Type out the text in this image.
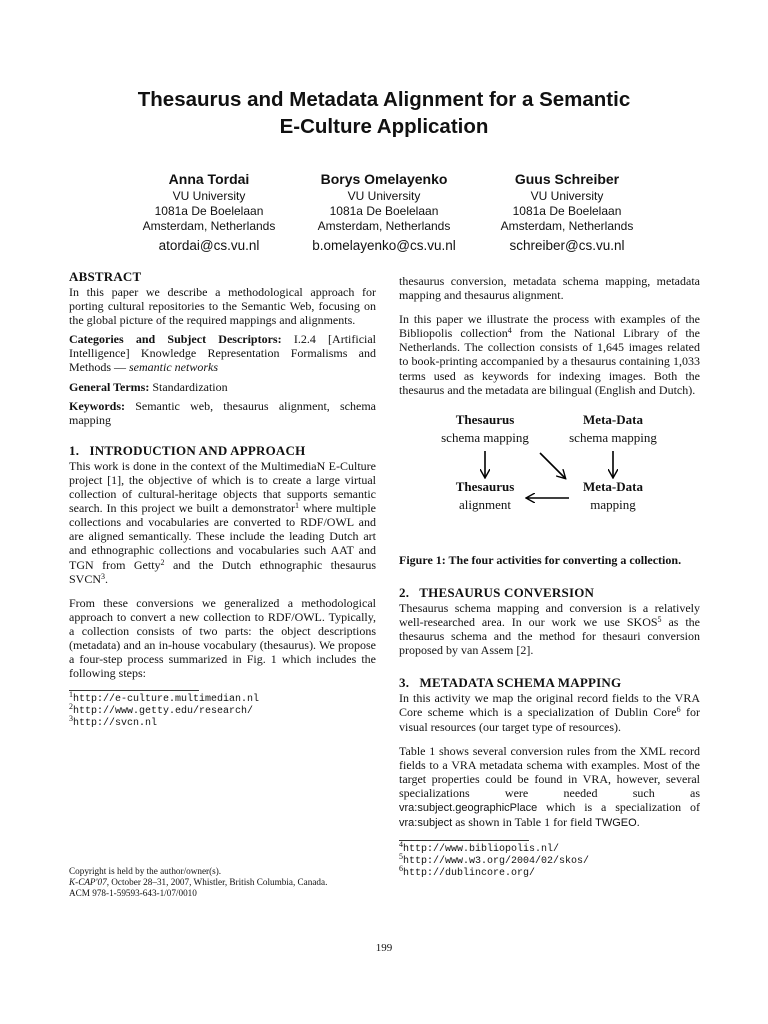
Thesaurus and Metadata Alignment for a Semantic
E-Culture Application
Anna Tordai
VU University
1081a De Boelelaan
Amsterdam, Netherlands
atordai@cs.vu.nl
Borys Omelayenko
VU University
1081a De Boelelaan
Amsterdam, Netherlands
b.omelayenko@cs.vu.nl
Guus Schreiber
VU University
1081a De Boelelaan
Amsterdam, Netherlands
schreiber@cs.vu.nl
ABSTRACT

In this paper we describe a methodological approach for porting cultural repositories to the Semantic Web, focusing on the global picture of the required mappings and alignments.

Categories and Subject Descriptors: I.2.4 [Artificial Intelligence] Knowledge Representation Formalisms and Methods — semantic networks

General Terms: Standardization

Keywords: Semantic web, thesaurus alignment, schema mapping

1.   INTRODUCTION AND APPROACH

This work is done in the context of the MultimediaN E-Culture project [1], the objective of which is to create a large virtual collection of cultural-heritage objects that supports semantic search. In this project we built a demonstrator$^1$ where multiple collections and vocabularies are converted to RDF/OWL and are aligned semantically. These include the leading Dutch art and ethnographic collections and vocabularies such AAT and TGN from Getty$^2$ and the Dutch ethnographic thesaurus SVCN$^3$.

From these conversions we generalized a methodological approach to convert a new collection to RDF/OWL. Typically, a collection consists of two parts: the object descriptions (metadata) and an in-house vocabulary (thesaurus). We propose a four-step process summarized in Fig. 1 which includes the following steps:

$^1$http://e-culture.multimedian.nl
$^2$http://www.getty.edu/research/
$^3$http://svcn.nl
Copyright is held by the author/owner(s).
K-CAP'07, October 28–31, 2007, Whistler, British Columbia, Canada.
ACM 978-1-59593-643-1/07/0010

thesaurus conversion, metadata schema mapping, metadata mapping and thesaurus alignment.

In this paper we illustrate the process with examples of the Bibliopolis collection$^4$ from the National Library of the Netherlands. The collection consists of 1,645 images related to book-printing accompanied by a thesaurus containing 1,033 terms used as keywords for indexing images. Both the thesaurus and the metadata are bilingual (English and Dutch).

Thesaurus
schema mapping
Meta-Data
schema mapping
Thesaurus
alignment
Meta-Data
mapping
Figure 1: The four activities for converting a collection.
2.   THESAURUS CONVERSION

Thesaurus schema mapping and conversion is a relatively well-researched area. In our work we use SKOS$^5$ as the thesaurus schema and the method for thesauri conversion proposed by van Assem [2].

3.   METADATA SCHEMA MAPPING

In this activity we map the original record fields to the VRA Core scheme which is a specialization of Dublin Core$^6$ for visual resources (our target type of resources).

Table 1 shows several conversion rules from the XML record fields to a VRA metadata schema with examples. Most of the target properties could be found in VRA, however, several specializations were needed such as vra:subject.geographicPlace which is a specialization of vra:subject as shown in Table 1 for field TWGEO.

$^4$http://www.bibliopolis.nl/
$^5$http://www.w3.org/2004/02/skos/
$^6$http://dublincore.org/
199
